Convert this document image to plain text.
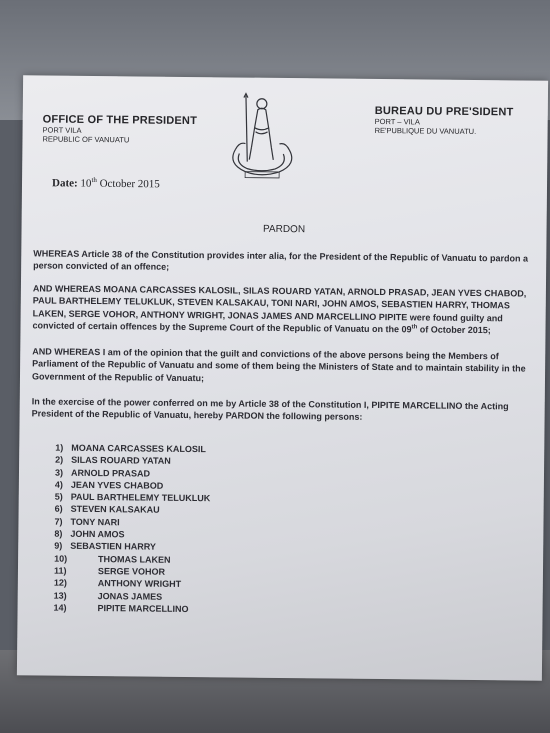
OFFICE OF THE PRESIDENT
PORT VILA
REPUBLIC OF VANUATU
BUREAU DU PRE'SIDENT
PORT – VILA
RE'PUBLIQUE DU VANUATU.
Date: 10th October 2015
PARDON
WHEREAS Article 38 of the Constitution provides inter alia, for the President of the Republic of Vanuatu to pardon a person convicted of an offence;
AND WHEREAS MOANA CARCASSES KALOSIL, SILAS ROUARD YATAN, ARNOLD PRASAD, JEAN YVES CHABOD, PAUL BARTHELEMY TELUKLUK, STEVEN KALSAKAU, TONI NARI, JOHN AMOS, SEBASTIEN HARRY, THOMAS LAKEN, SERGE VOHOR, ANTHONY WRIGHT, JONAS JAMES AND MARCELLINO PIPITE were found guilty and convicted of certain offences by the Supreme Court of the Republic of Vanuatu on the 09th of October 2015;
AND WHEREAS I am of the opinion that the guilt and convictions of the above persons being the Members of Parliament of the Republic of Vanuatu and some of them being the Ministers of State and to maintain stability in the Government of the Republic of Vanuatu;
In the exercise of the power conferred on me by Article 38 of the Constitution I, PIPITE MARCELLINO the Acting President of the Republic of Vanuatu, hereby PARDON the following persons:
1) MOANA CARCASSES KALOSIL
2) SILAS ROUARD YATAN
3) ARNOLD PRASAD
4) JEAN YVES CHABOD
5) PAUL BARTHELEMY TELUKLUK
6) STEVEN KALSAKAU
7) TONY NARI
8) JOHN AMOS
9) SEBASTIEN HARRY
10)	THOMAS LAKEN
11)	SERGE VOHOR
12)	ANTHONY WRIGHT
13)	JONAS JAMES
14)	PIPITE MARCELLINO
